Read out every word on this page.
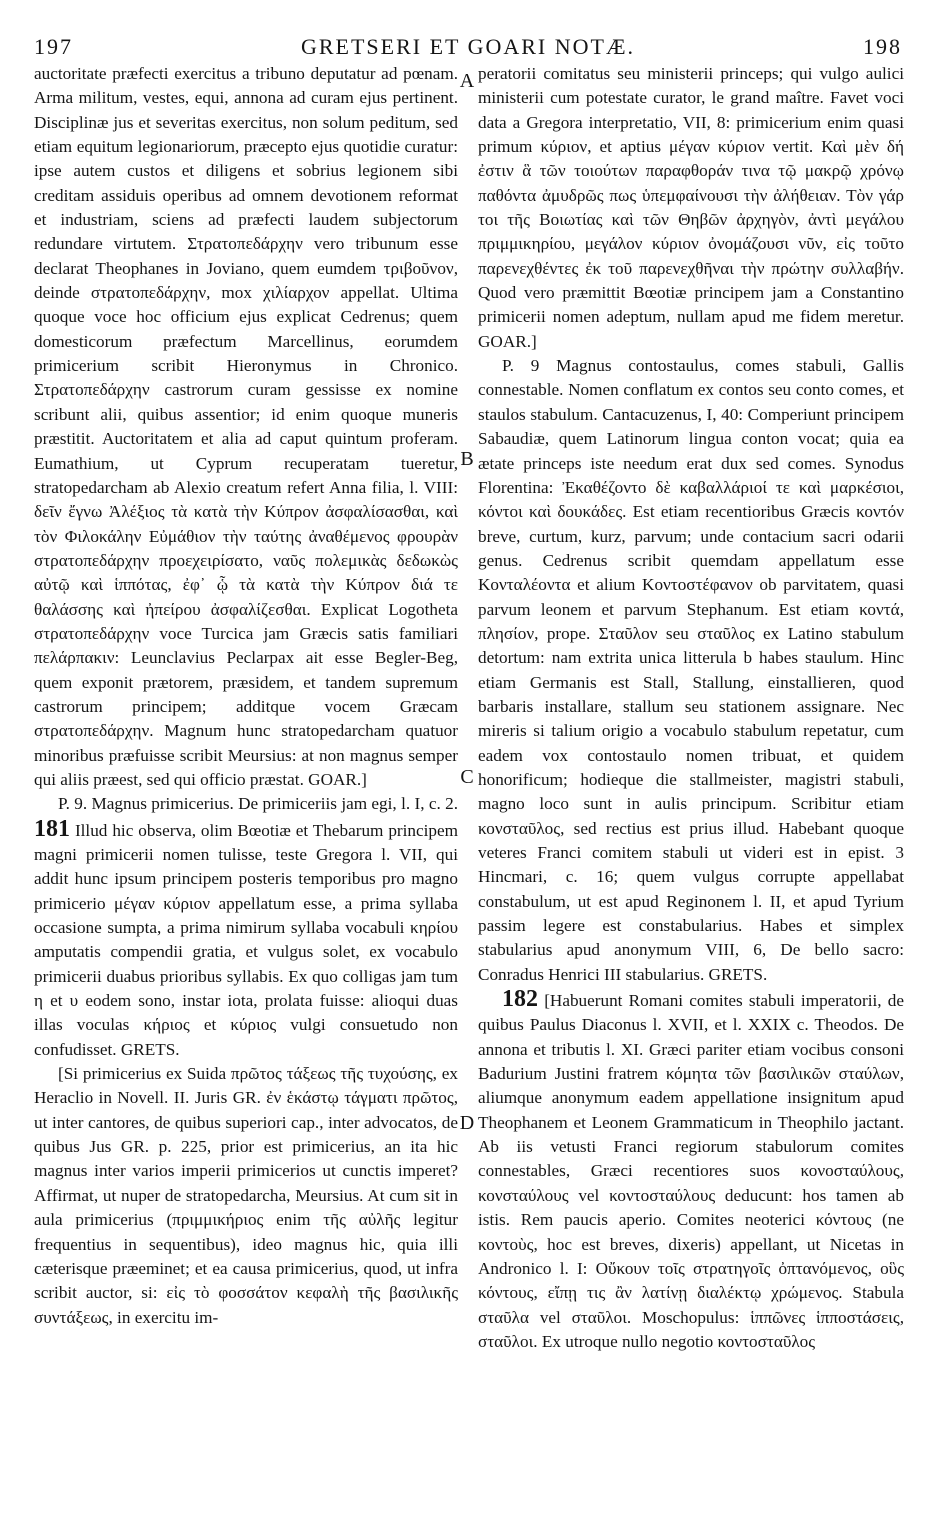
197	GRETSERI ET GOARI NOTÆ.	198

auctoritate præfecti exercitus a tribuno deputatur ad pœnam. Arma militum, vestes, equi, annona ad curam ejus pertinent. Disciplinæ jus et severitas exercitus, non solum peditum, sed etiam equitum legionariorum, præcepto ejus quotidie curatur: ipse autem custos et diligens et sobrius legionem sibi creditam assiduis operibus ad omnem devotionem reformat et industriam, sciens ad præfecti laudem subjectorum redundare virtutem. Στρατοπεδάρχην vero tribunum esse declarat Theophanes in Joviano, quem eumdem τριβοῦνον, deinde στρατοπεδάρχην, mox χιλίαρχον appellat. Ultima quoque voce hoc officium ejus explicat Cedrenus; quem domesticorum præfectum Marcellinus, eorumdem primicerium scribit Hieronymus in Chronico. Στρατοπεδάρχην castrorum curam gessisse ex nomine scribunt alii, quibus assentior; id enim quoque muneris præstitit. Auctoritatem et alia ad caput quintum proferam. Eumathium, ut Cyprum recuperatam tueretur, stratopedarcham ab Alexio creatum refert Anna filia, l. VIII: δεῖν ἔγνω Ἀλέξιος τὰ κατὰ τὴν Κύπρον ἀσφαλίσασθαι, καὶ τὸν Φιλοκάλην Εὐμάθιον τὴν ταύτης ἀναθέμενος φρουρὰν στρατοπεδάρχην προεχειρίσατο, ναῦς πολεμικὰς δεδωκὼς αὐτῷ καὶ ἱππότας, ἐφ᾽ ᾧ τὰ κατὰ τὴν Κύπρον διά τε θαλάσσης καὶ ἠπείρου ἀσφαλίζεσθαι. Explicat Logotheta στρατοπεδάρχην voce Turcica jam Græcis satis familiari πελάρπακιν: Leunclavius Peclarpax ait esse Begler-Beg, quem exponit prætorem, præsidem, et tandem supremum castrorum principem; additque vocem Græcam στρατοπεδάρχην. Magnum hunc stratopedarcham quatuor minoribus præfuisse scribit Meursius: at non magnus semper qui aliis præest, sed qui officio præstat. GOAR.]

P. 9. Magnus primicerius. De primiceriis jam egi, l. I, c. 2. 181 Illud hic observa, olim Bœotiæ et Thebarum principem magni primicerii nomen tulisse, teste Gregora l. VII, qui addit hunc ipsum principem posteris temporibus pro magno primicerio μέγαν κύριον appellatum esse, a prima syllaba occasione sumpta, a prima nimirum syllaba vocabuli κηρίου amputatis compendii gratia, et vulgus solet, ex vocabulo primicerii duabus prioribus syllabis. Ex quo colligas jam tum η et υ eodem sono, instar iota, prolata fuisse: alioqui duas illas voculas κήριος et κύριος vulgi consuetudo non confudisset. GRETS.

[Si primicerius ex Suida πρῶτος τάξεως τῆς τυχούσης, ex Heraclio in Novell. II. Juris GR. ἐν ἑκάστῳ τάγματι πρῶτος, ut inter cantores, de quibus superiori cap., inter advocatos, de quibus Jus GR. p. 225, prior est primicerius, an ita hic magnus inter varios imperii primicerios ut cunctis imperet? Affirmat, ut nuper de stratopedarcha, Meursius. At cum sit in aula primicerius (πριμμικήριος enim τῆς αὐλῆς legitur frequentius in sequentibus), ideo magnus hic, quia illi cæterisque præeminet; et ea causa primicerius, quod, ut infra scribit auctor, si: εἰς τὸ φοσσάτον κεφαλὴ τῆς βασιλικῆς συντάξεως, in exercitu im-

A
B
C
D

peratorii comitatus seu ministerii princeps; qui vulgo aulici ministerii cum potestate curator, le grand maître. Favet voci data a Gregora interpretatio, VII, 8: primicerium enim quasi primum κύριον, et aptius μέγαν κύριον vertit. Καὶ μὲν δή ἐστιν ἃ τῶν τοιούτων παραφθοράν τινα τῷ μακρῷ χρόνῳ παθόντα ἀμυδρῶς πως ὑπεμφαίνουσι τὴν ἀλήθειαν. Τὸν γάρ τοι τῆς Βοιωτίας καὶ τῶν Θηβῶν ἀρχηγὸν, ἀντὶ μεγάλου πριμμικηρίου, μεγάλον κύριον ὀνομάζουσι νῦν, εἰς τοῦτο παρενεχθέντες ἐκ τοῦ παρενεχθῆναι τὴν πρώτην συλλαβήν. Quod vero præmittit Bœotiæ principem jam a Constantino primicerii nomen adeptum, nullam apud me fidem meretur. GOAR.]

P. 9 Magnus contostaulus, comes stabuli, Gallis connestable. Nomen conflatum ex contos seu conto comes, et staulos stabulum. Cantacuzenus, I, 40: Comperiunt principem Sabaudiæ, quem Latinorum lingua conton vocat; quia ea ætate princeps iste needum erat dux sed comes. Synodus Florentina: Ἐκαθέζοντο δὲ καβαλλάριοί τε καὶ μαρκέσιοι, κόντοι καὶ δουκάδες. Est etiam recentioribus Græcis κοντόν breve, curtum, kurz, parvum; unde contacium sacri odarii genus. Cedrenus scribit quemdam appellatum esse Κονταλέοντα et alium Κοντοστέφανον ob parvitatem, quasi parvum leonem et parvum Stephanum. Est etiam κοντά, πλησίον, prope. Σταῦλον seu σταῦλος ex Latino stabulum detortum: nam extrita unica litterula b habes staulum. Hinc etiam Germanis est Stall, Stallung, einstallieren, quod barbaris installare, stallum seu stationem assignare. Nec mireris si talium origio a vocabulo stabulum repetatur, cum eadem vox contostaulo nomen tribuat, et quidem honorificum; hodieque die stallmeister, magistri stabuli, magno loco sunt in aulis principum. Scribitur etiam κονσταῦλος, sed rectius est prius illud. Habebant quoque veteres Franci comitem stabuli ut videri est in epist. 3 Hincmari, c. 16; quem vulgus corrupte appellabat constabulum, ut est apud Reginonem l. II, et apud Tyrium passim legere est constabularius. Habes et simplex stabularius apud anonymum VIII, 6, De bello sacro: Conradus Henrici III stabularius. GRETS.

182 [Habuerunt Romani comites stabuli imperatorii, de quibus Paulus Diaconus l. XVII, et l. XXIX c. Theodos. De annona et tributis l. XI. Græci pariter etiam vocibus consoni Badurium Justini fratrem κόμητα τῶν βασιλικῶν σταύλων, aliumque anonymum eadem appellatione insignitum apud Theophanem et Leonem Grammaticum in Theophilo jactant. Ab iis vetusti Franci regiorum stabulorum comites connestables, Græci recentiores suos κονοσταύλους, κονσταύλους vel κοντοσταύλους deducunt: hos tamen ab istis. Rem paucis aperio. Comites neoterici κόντους (ne κοντοὺς, hoc est breves, dixeris) appellant, ut Nicetas in Andronico l. I: Οὔκουν τοῖς στρατηγοῖς ὀπτανόμενος, οὓς κόντους, εἴπῃ τις ἂν λατίνῃ διαλέκτῳ χρώμενος. Stabula σταῦλα vel σταῦλοι. Moschopulus: ἱππῶνες ἱπποστάσεις, σταῦλοι. Ex utroque nullo negotio κοντοσταῦλος
